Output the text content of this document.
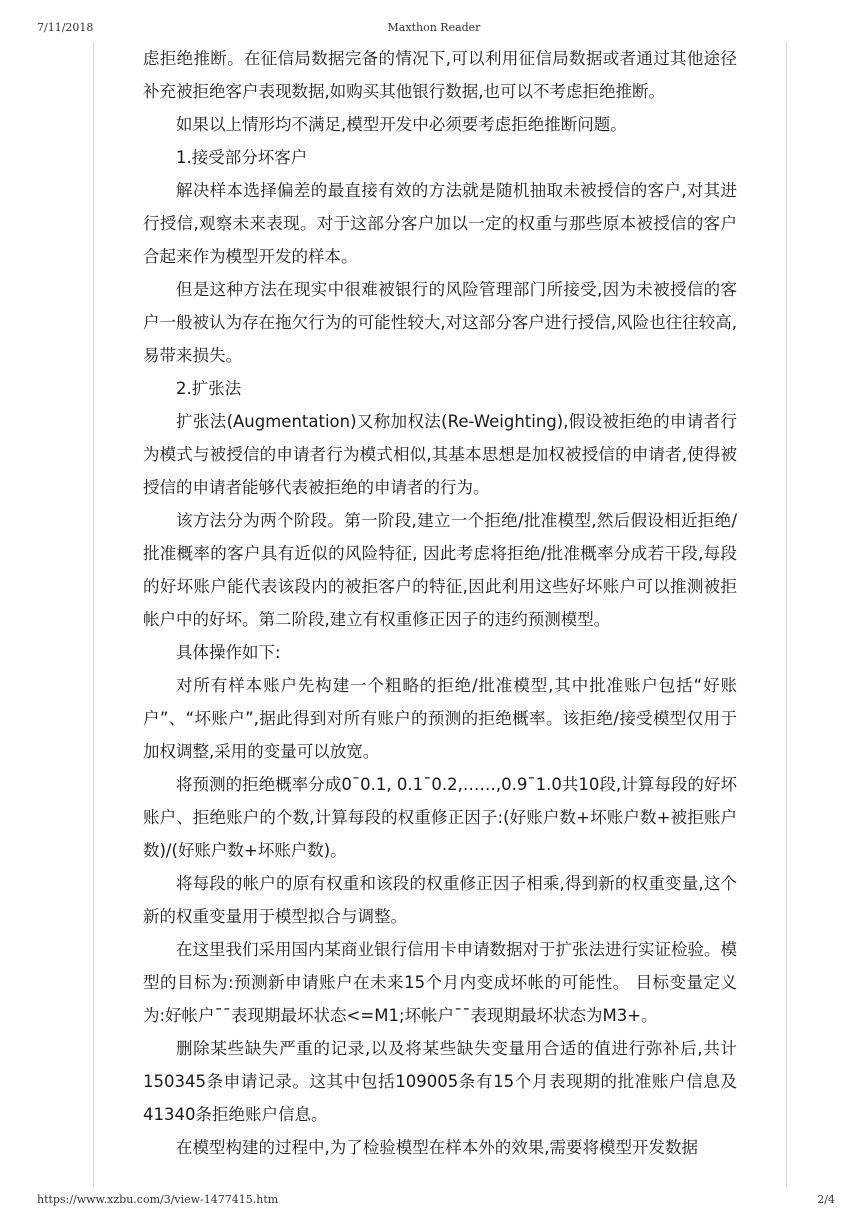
7/11/2018	Maxthon Reader

虑拒绝推断。在征信局数据完备的情况下,可以利用征信局数据或者通过其他途径补充被拒绝客户表现数据,如购买其他银行数据,也可以不考虑拒绝推断。

如果以上情形均不满足,模型开发中必须要考虑拒绝推断问题。

1.接受部分坏客户

解决样本选择偏差的最直接有效的方法就是随机抽取未被授信的客户,对其进行授信,观察未来表现。对于这部分客户加以一定的权重与那些原本被授信的客户合起来作为模型开发的样本。

但是这种方法在现实中很难被银行的风险管理部门所接受,因为未被授信的客户一般被认为存在拖欠行为的可能性较大,对这部分客户进行授信,风险也往往较高,易带来损失。

2.扩张法

扩张法(Augmentation)又称加权法(Re-Weighting),假设被拒绝的申请者行为模式与被授信的申请者行为模式相似,其基本思想是加权被授信的申请者,使得被授信的申请者能够代表被拒绝的申请者的行为。

该方法分为两个阶段。第一阶段,建立一个拒绝/批准模型,然后假设相近拒绝/批准概率的客户具有近似的风险特征, 因此考虑将拒绝/批准概率分成若干段,每段的好坏账户能代表该段内的被拒客户的特征,因此利用这些好坏账户可以推测被拒帐户中的好坏。第二阶段,建立有权重修正因子的违约预测模型。

具体操作如下:

对所有样本账户先构建一个粗略的拒绝/批准模型,其中批准账户包括“好账户”、“坏账户”,据此得到对所有账户的预测的拒绝概率。该拒绝/接受模型仅用于加权调整,采用的变量可以放宽。

将预测的拒绝概率分成0¯0.1, 0.1¯0.2,……,0.9¯1.0共10段,计算每段的好坏账户、拒绝账户的个数,计算每段的权重修正因子:(好账户数+坏账户数+被拒账户数)/(好账户数+坏账户数)。

将每段的帐户的原有权重和该段的权重修正因子相乘,得到新的权重变量,这个新的权重变量用于模型拟合与调整。

在这里我们采用国内某商业银行信用卡申请数据对于扩张法进行实证检验。模型的目标为:预测新申请账户在未来15个月内变成坏帐的可能性。 目标变量定义为:好帐户¯¯表现期最坏状态<=M1;坏帐户¯¯表现期最坏状态为M3+。

删除某些缺失严重的记录,以及将某些缺失变量用合适的值进行弥补后,共计150345条申请记录。这其中包括109005条有15个月表现期的批准账户信息及41340条拒绝账户信息。

在模型构建的过程中,为了检验模型在样本外的效果,需要将模型开发数据

https://www.xzbu.com/3/view-1477415.htm	2/4
